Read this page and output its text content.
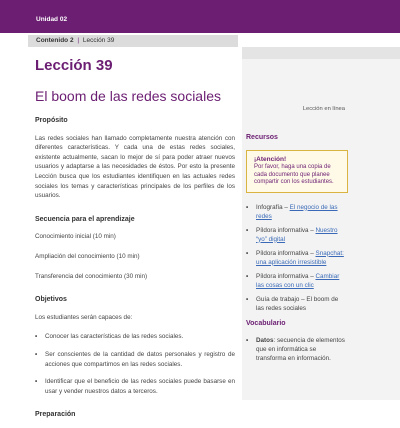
Unidad 02
Contenido 2 | Lección 39
Lección 39
El boom de las redes sociales
Lección en línea
Propósito
Las redes sociales han llamado completamente nuestra atención con diferentes características. Y cada una de estas redes sociales, existente actualmente, sacan lo mejor de sí para poder atraer nuevos usuarios y adaptarse a las necesidades de éstos. Por esto la presente Lección busca que los estudiantes identifiquen en las actuales redes sociales los temas y características principales de los perfiles de los usuarios.
Secuencia para el aprendizaje
Conocimiento inicial (10 min)
Ampliación del conocimiento (10 min)
Transferencia del conocimiento (30 min)
Objetivos
Los estudiantes serán capaces de:
•	Conocer las características de las redes sociales.
•	Ser conscientes de la cantidad de datos personales y registro de acciones que compartimos en las redes sociales.
•	Identificar que el beneficio de las redes sociales puede basarse en usar y vender nuestros datos a terceros.
Preparación
Recursos
¡Atención!
Por favor, haga una copia de cada documento que planee compartir con los estudiantes.
•	Infografía – El negocio de las redes
•	Píldora informativa – Nuestro “yo” digital
•	Píldora informativa – Snapchat: una aplicación irresistible
•	Píldora informativa – Cambiar las cosas con un clic
•	Guía de trabajo – El boom de las redes sociales
Vocabulario
•	Datos: secuencia de elementos que en informática se transforma en información.
